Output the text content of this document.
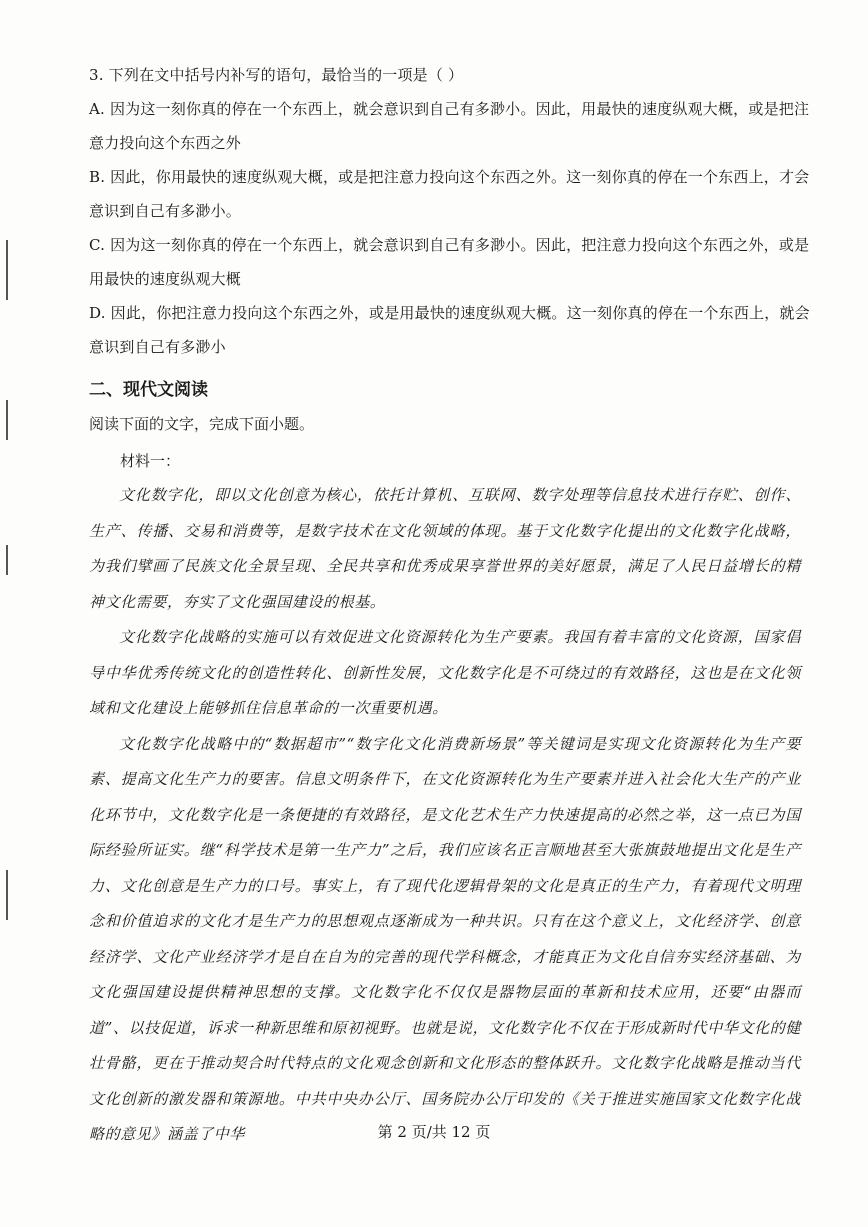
3. 下列在文中括号内补写的语句，最恰当的一项是（ ）
A. 因为这一刻你真的停在一个东西上，就会意识到自己有多渺小。因此，用最快的速度纵观大概，或是把注意力投向这个东西之外
B. 因此，你用最快的速度纵观大概，或是把注意力投向这个东西之外。这一刻你真的停在一个东西上，才会意识到自己有多渺小。
C. 因为这一刻你真的停在一个东西上，就会意识到自己有多渺小。因此，把注意力投向这个东西之外，或是用最快的速度纵观大概
D. 因此，你把注意力投向这个东西之外，或是用最快的速度纵观大概。这一刻你真的停在一个东西上，就会意识到自己有多渺小
二、现代文阅读
阅读下面的文字，完成下面小题。
材料一：

文化数字化，即以文化创意为核心，依托计算机、互联网、数字处理等信息技术进行存贮、创作、生产、传播、交易和消费等，是数字技术在文化领域的体现。基于文化数字化提出的文化数字化战略，为我们擘画了民族文化全景呈现、全民共享和优秀成果享誉世界的美好愿景，满足了人民日益增长的精神文化需要，夯实了文化强国建设的根基。

文化数字化战略的实施可以有效促进文化资源转化为生产要素。我国有着丰富的文化资源，国家倡导中华优秀传统文化的创造性转化、创新性发展，文化数字化是不可绕过的有效路径，这也是在文化领域和文化建设上能够抓住信息革命的一次重要机遇。

文化数字化战略中的“数据超市”“数字化文化消费新场景”等关键词是实现文化资源转化为生产要素、提高文化生产力的要害。信息文明条件下，在文化资源转化为生产要素并进入社会化大生产的产业化环节中，文化数字化是一条便捷的有效路径，是文化艺术生产力快速提高的必然之举，这一点已为国际经验所证实。继“科学技术是第一生产力”之后，我们应该名正言顺地甚至大张旗鼓地提出文化是生产力、文化创意是生产力的口号。事实上，有了现代化逻辑骨架的文化是真正的生产力，有着现代文明理念和价值追求的文化才是生产力的思想观点逐渐成为一种共识。只有在这个意义上，文化经济学、创意经济学、文化产业经济学才是自在自为的完善的现代学科概念，才能真正为文化自信夯实经济基础、为文化强国建设提供精神思想的支撑。文化数字化不仅仅是器物层面的革新和技术应用，还要“由器而道”、以技促道，诉求一种新思维和原初视野。也就是说，文化数字化不仅在于形成新时代中华文化的健壮骨骼，更在于推动契合时代特点的文化观念创新和文化形态的整体跃升。文化数字化战略是推动当代文化创新的激发器和策源地。中共中央办公厅、国务院办公厅印发的《关于推进实施国家文化数字化战略的意见》涵盖了中华	第 2 页/共 12 页
